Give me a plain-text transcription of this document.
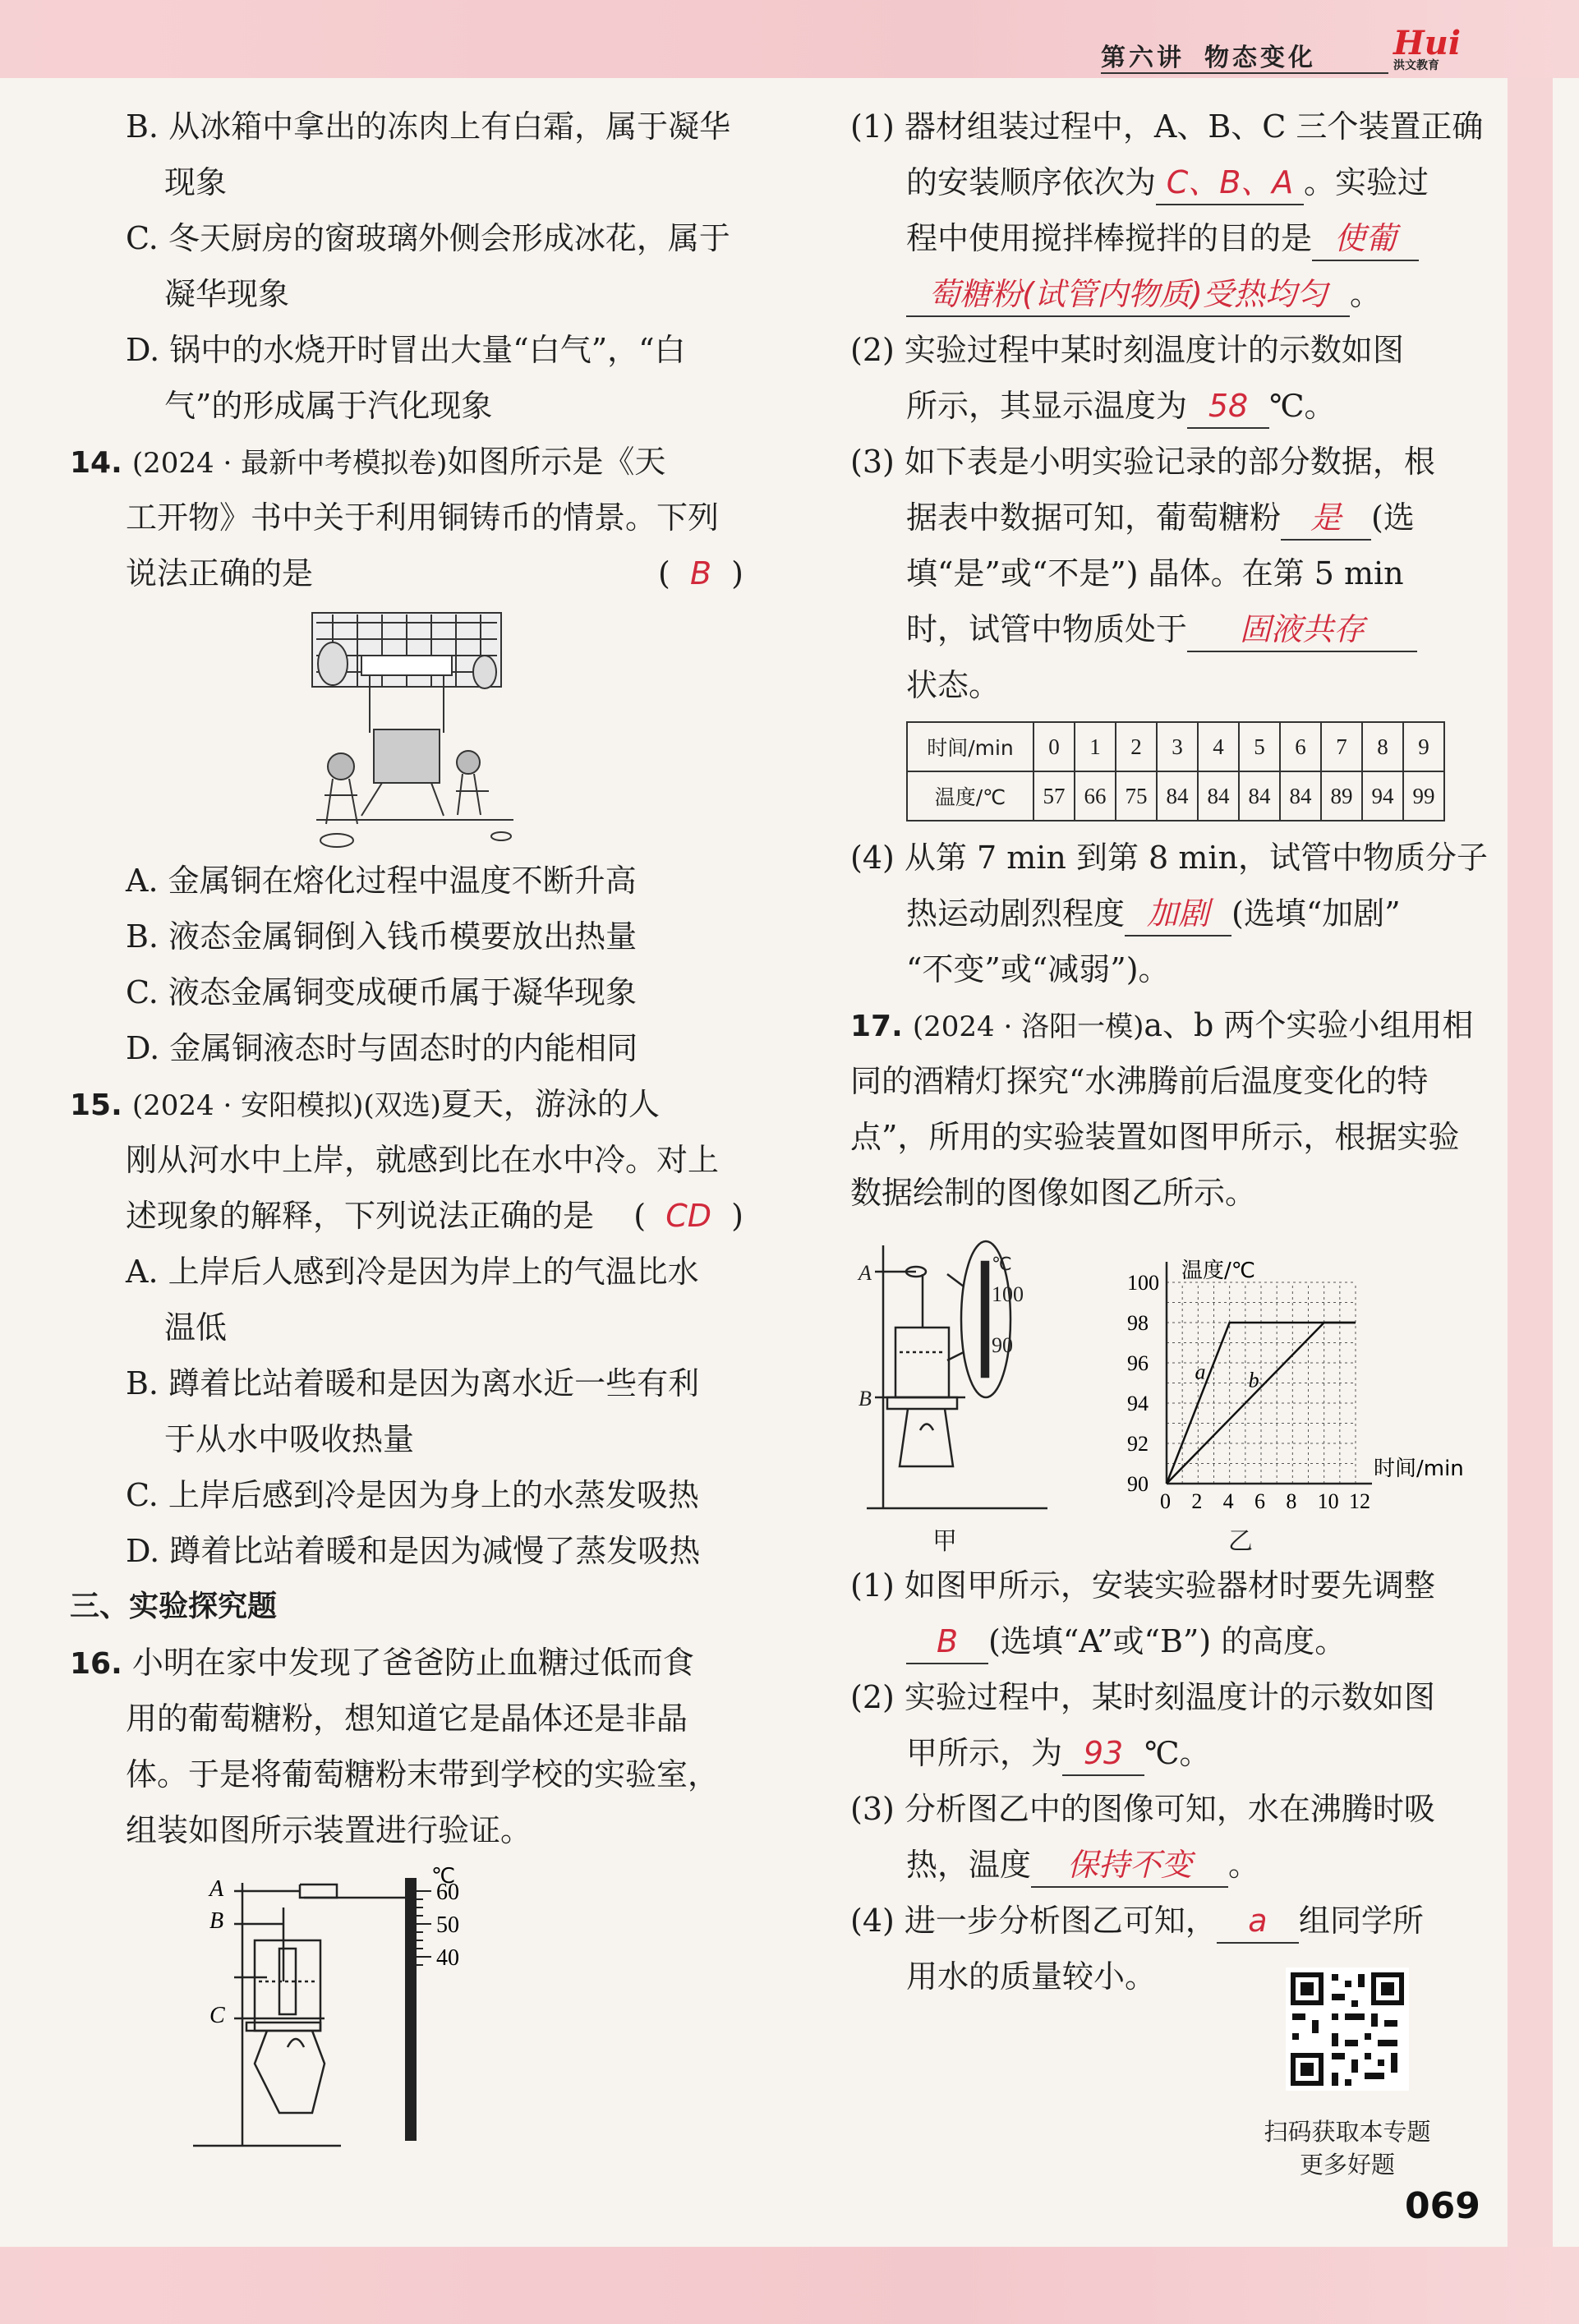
第六讲 物态变化	Hui
洪文教育
B. 从冰箱中拿出的冻肉上有白霜，属于凝华
现象
C. 冬天厨房的窗玻璃外侧会形成冰花，属于
凝华现象
D. 锅中的水烧开时冒出大量“白气”，“白
气”的形成属于汽化现象
14. (2024 · 最新中考模拟卷)如图所示是《天
工开物》书中关于利用铜铸币的情景。下列
说法正确的是	(  B  )
A. 金属铜在熔化过程中温度不断升高
B. 液态金属铜倒入钱币模要放出热量
C. 液态金属铜变成硬币属于凝华现象
D. 金属铜液态时与固态时的内能相同
15. (2024 · 安阳模拟)(双选)夏天，游泳的人
刚从河水中上岸，就感到比在水中冷。对上
述现象的解释，下列说法正确的是 (  CD  )
A. 上岸后人感到冷是因为岸上的气温比水
温低
B. 蹲着比站着暖和是因为离水近一些有利
于从水中吸收热量
C. 上岸后感到冷是因为身上的水蒸发吸热
D. 蹲着比站着暖和是因为减慢了蒸发吸热
三、实验探究题
16. 小明在家中发现了爸爸防止血糖过低而食
用的葡萄糖粉，想知道它是晶体还是非晶
体。于是将葡萄糖粉末带到学校的实验室，
组装如图所示装置进行验证。
A
B
C
℃
60
50
40
(1) 器材组装过程中，A、B、C 三个装置正确
的安装顺序依次为 C、B、A 。实验过
程中使用搅拌棒搅拌的目的是 使葡
萄糖粉(试管内物质)受热均匀 。
(2) 实验过程中某时刻温度计的示数如图
所示，其显示温度为 58 ℃。
(3) 如下表是小明实验记录的部分数据，根
据表中数据可知，葡萄糖粉 是 (选
填“是”或“不是”) 晶体。在第 5 min
时，试管中物质处于 固液共存
状态。
时间/min	0	1	2	3	4	5	6	7	8	9
温度/℃	57	66	75	84	84	84	84	89	94	99
(4) 从第 7 min 到第 8 min，试管中物质分子
热运动剧烈程度 加剧 (选填“加剧”
“不变”或“减弱”)。
17. (2024 · 洛阳一模)a、b 两个实验小组用相
同的酒精灯探究“水沸腾前后温度变化的特
点”，所用的实验装置如图甲所示，根据实验
数据绘制的图像如图乙所示。
A
B
℃
100
90
甲	乙
0 2 4 6 8 10 12
90
92
94
96
98
100 温度/℃
时间/min
a b
(1) 如图甲所示，安装实验器材时要先调整
B (选填“A”或“B”) 的高度。
(2) 实验过程中，某时刻温度计的示数如图
甲所示，为 93 ℃。
(3) 分析图乙中的图像可知，水在沸腾时吸
热，温度 保持不变 。
(4) 进一步分析图乙可知， a 组同学所
用水的质量较小。
扫码获取本专题
更多好题
069
